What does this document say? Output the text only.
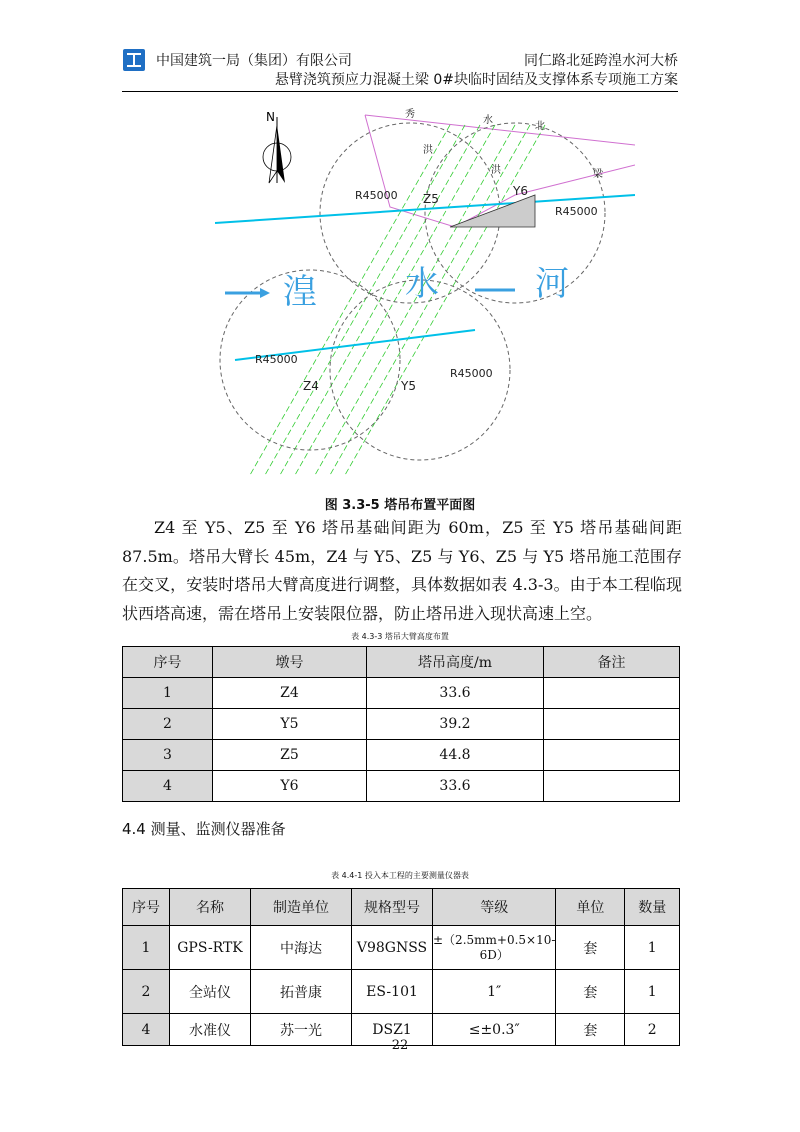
中国建筑一局（集团）有限公司	同仁路北延跨湟水河大桥
悬臂浇筑预应力混凝土梁 0#块临时固结及支撑体系专项施工方案
N	秀
水
北
洪
洪	梁
R45000
R45000
R45000
R45000
Z5
Y6
Z4	Y5
湟	水	河
图 3.3-5 塔吊布置平面图

Z4 至 Y5、Z5 至 Y6 塔吊基础间距为 60m，Z5 至 Y5 塔吊基础间距 87.5m。塔吊大臂长 45m，Z4 与 Y5、Z5 与 Y6、Z5 与 Y5 塔吊施工范围存在交叉，安装时塔吊大臂高度进行调整，具体数据如表 4.3-3。由于本工程临现状西塔高速，需在塔吊上安装限位器，防止塔吊进入现状高速上空。

表 4.3-3 塔吊大臂高度布置
序号	墩号	塔吊高度/m	备注
1	Z4	33.6	
2	Y5	39.2	
3	Z5	44.8	
4	Y6	33.6	
4.4 测量、监测仪器准备
表 4.4-1 投入本工程的主要测量仪器表
序号	名称	制造单位	规格型号	等级	单位	数量
1	GPS-RTK	中海达	V98GNSS	±（2.5mm+0.5×10-6D）	套	1
2	全站仪	拓普康	ES-101	1″	套	1
4	水准仪	苏一光	DSZ1	≤±0.3″	套	2
22
